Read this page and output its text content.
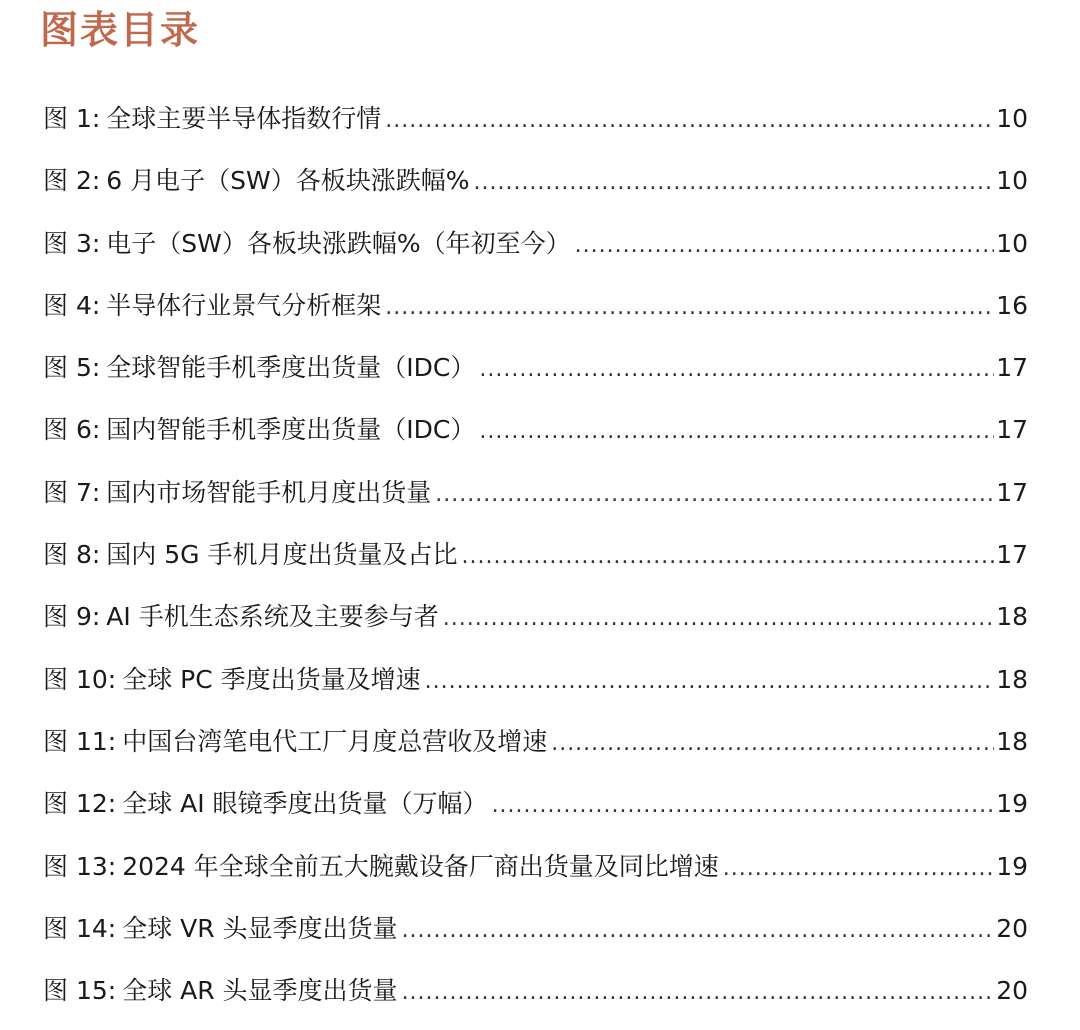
图表目录
图 1: 全球主要半导体指数行情 .....	10
图 2: 6 月电子（SW）各板块涨跌幅% .....	10
图 3: 电子（SW）各板块涨跌幅%（年初至今） .....	10
图 4: 半导体行业景气分析框架 .....	16
图 5: 全球智能手机季度出货量（IDC） .....	17
图 6: 国内智能手机季度出货量（IDC） .....	17
图 7: 国内市场智能手机月度出货量 .....	17
图 8: 国内 5G 手机月度出货量及占比 .....	17
图 9: AI 手机生态系统及主要参与者 .....	18
图 10: 全球 PC 季度出货量及增速 .....	18
图 11: 中国台湾笔电代工厂月度总营收及增速 .....	18
图 12: 全球 AI 眼镜季度出货量（万幅） .....	19
图 13: 2024 年全球全前五大腕戴设备厂商出货量及同比增速 .....	19
图 14: 全球 VR 头显季度出货量 .....	20
图 15: 全球 AR 头显季度出货量 .....	20
